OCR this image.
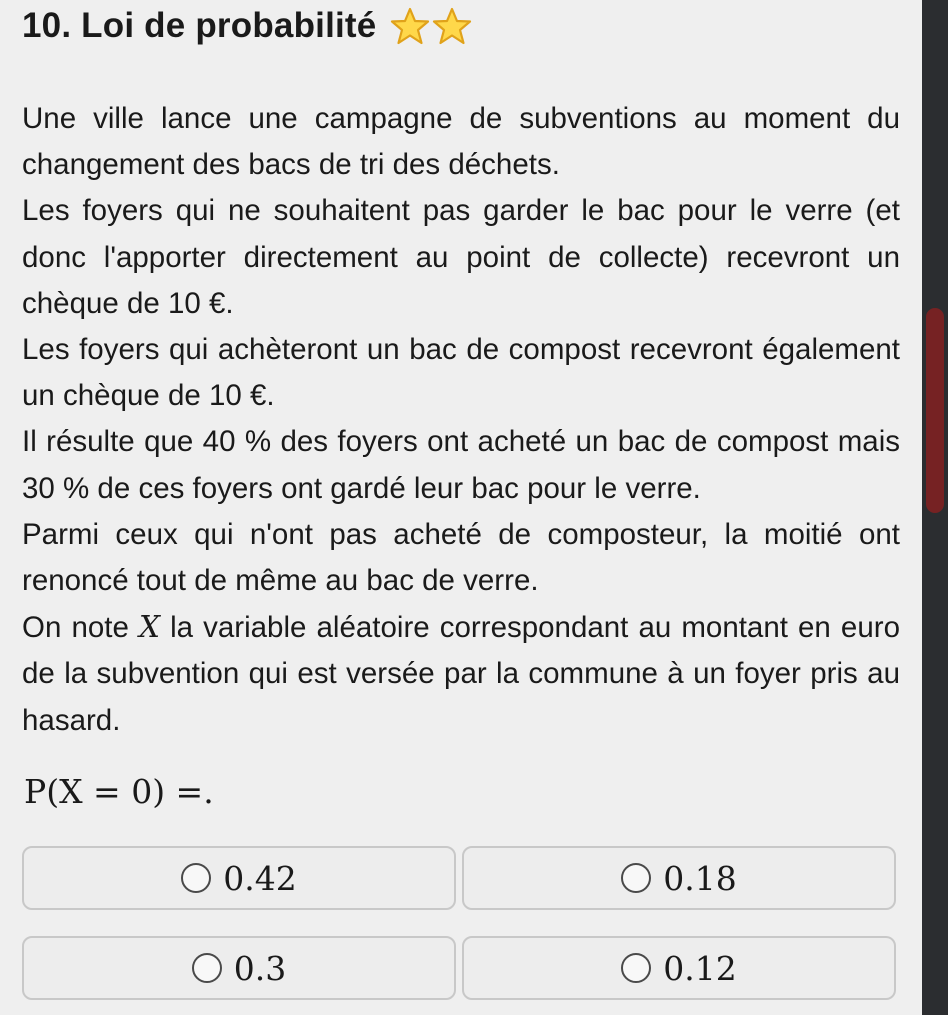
10. Loi de probabilité

Une ville lance une campagne de subventions au moment du changement des bacs de tri des déchets.

Les foyers qui ne souhaitent pas garder le bac pour le verre (et donc l'apporter directement au point de collecte) recevront un chèque de 10 €.

Les foyers qui achèteront un bac de compost recevront également un chèque de 10 €.

Il résulte que 40 % des foyers ont acheté un bac de compost mais 30 % de ces foyers ont gardé leur bac pour le verre.

Parmi ceux qui n'ont pas acheté de composteur, la moitié ont renoncé tout de même au bac de verre.

On note X la variable aléatoire correspondant au montant en euro de la subvention qui est versée par la commune à un foyer pris au hasard.

P(X = 0) =.
0.42	0.18
0.3	0.12
